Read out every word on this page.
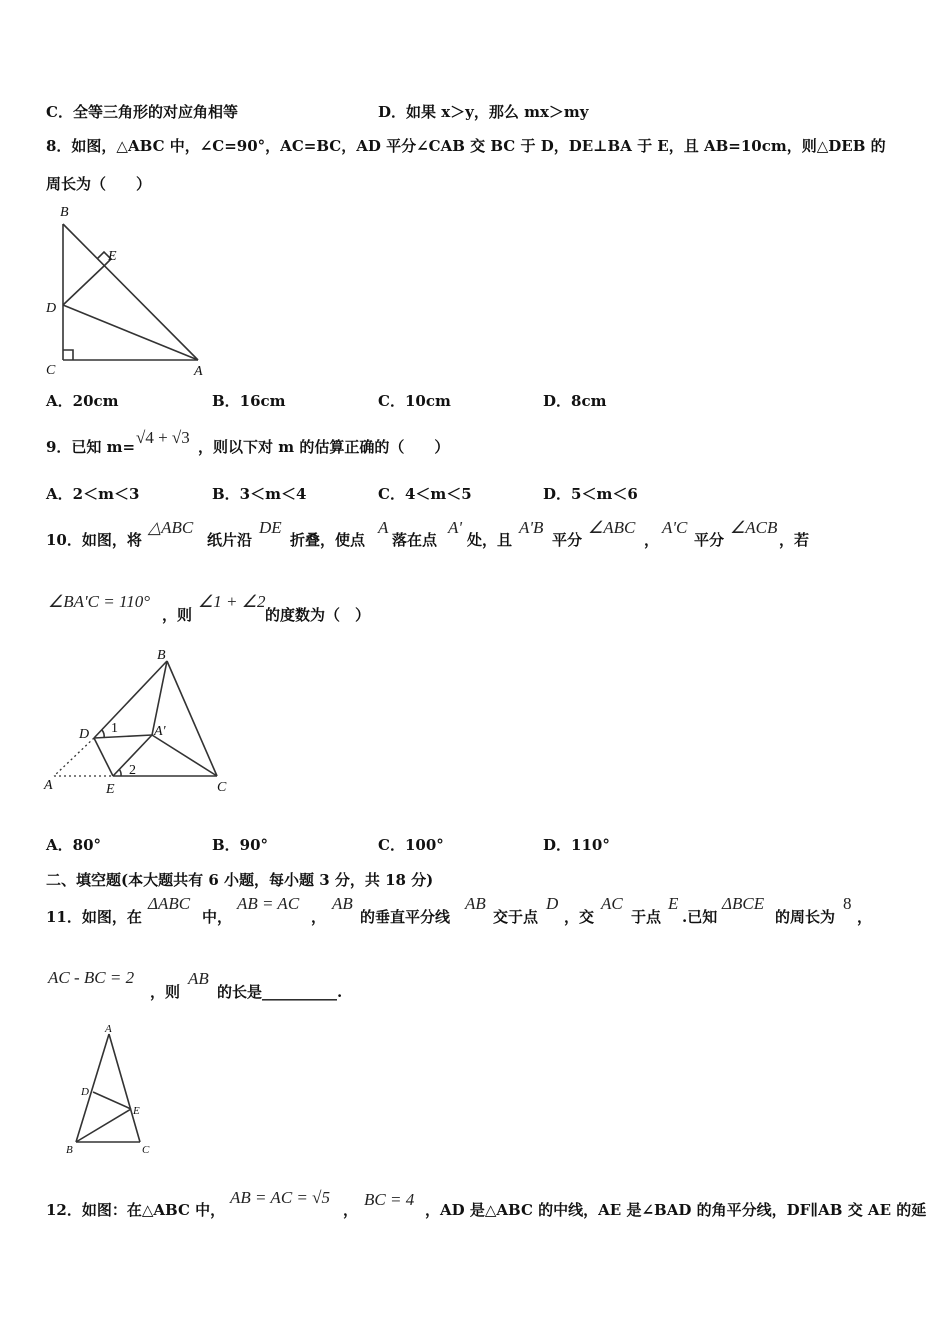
C．全等三角形的对应角相等	D．如果 x＞y，那么 mx＞my
8．如图，△ABC 中，∠C=90°，AC=BC，AD 平分∠CAB 交 BC 于 D，DE⊥BA 于 E，且 AB=10cm，则△DEB 的
周长为（　　）
B
E
D
C	A
A．20cm	B．16cm	C．10cm	D．8cm
9．已知 m= √4 + √3 ，则以下对 m 的估算正确的（　　）
A．2＜m＜3	B．3＜m＜4	C．4＜m＜5	D．5＜m＜6
10．如图，将
△ABC
纸片沿
DE
折叠，使点
A
落在点
A'
处，且
A'B
平分
∠ABC
，
A'C
平分
∠ACB
，若
∠BA'C = 110°
，则
∠1 + ∠2
的度数为（　）
B
D 1	A'
A	E
2
C
A．80°	B．90°	C．100°	D．110°
二、填空题(本大题共有 6 小题，每小题 3 分，共 18 分)
11．如图，在
ΔABC
中，
AB = AC
，
AB
的垂直平分线
AB
交于点
D
，交
AC
于点
E
.已知
ΔBCE
的周长为
8
，
AC - BC = 2
，则
AB
的长是__________.
A
D
E
B	C
12．如图：在△ABC 中，
AB = AC = √5
，
BC = 4
，AD 是△ABC 的中线，AE 是∠BAD 的角平分线，DF∥AB 交 AE 的延
